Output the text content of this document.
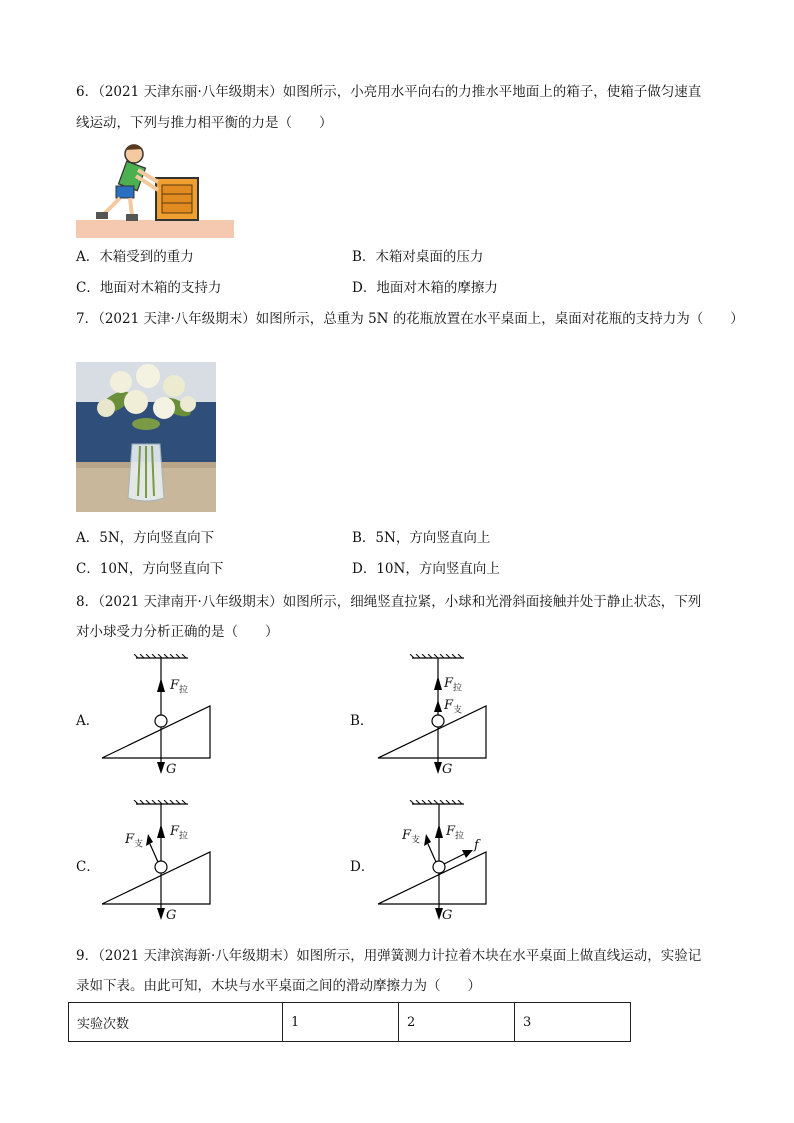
6．（2021 天津东丽·八年级期末）如图所示，小亮用水平向右的力推水平地面上的箱子，使箱子做匀速直
线运动，下列与推力相平衡的力是（　　）
A．木箱受到的重力	B．木箱对桌面的压力
C．地面对木箱的支持力	D．地面对木箱的摩擦力
7．（2021 天津·八年级期末）如图所示，总重为 5N 的花瓶放置在水平桌面上，桌面对花瓶的支持力为（　　）
A．5N，方向竖直向下	B．5N，方向竖直向上
C．10N，方向竖直向下	D．10N，方向竖直向上
8．（2021 天津南开·八年级期末）如图所示，细绳竖直拉紧，小球和光滑斜面接触并处于静止状态，下列
对小球受力分析正确的是（　　）
A．
$F_拉$
G
B．
$F_拉$
$F_支$
G
C．
$F_拉$
$F_支$
G
D．
$F_拉$
$F_支$	f
G
9．（2021 天津滨海新·八年级期末）如图所示，用弹簧测力计拉着木块在水平桌面上做直线运动，实验记
录如下表。由此可知，木块与水平桌面之间的滑动摩擦力为（　　）
实验次数	1	2	3
